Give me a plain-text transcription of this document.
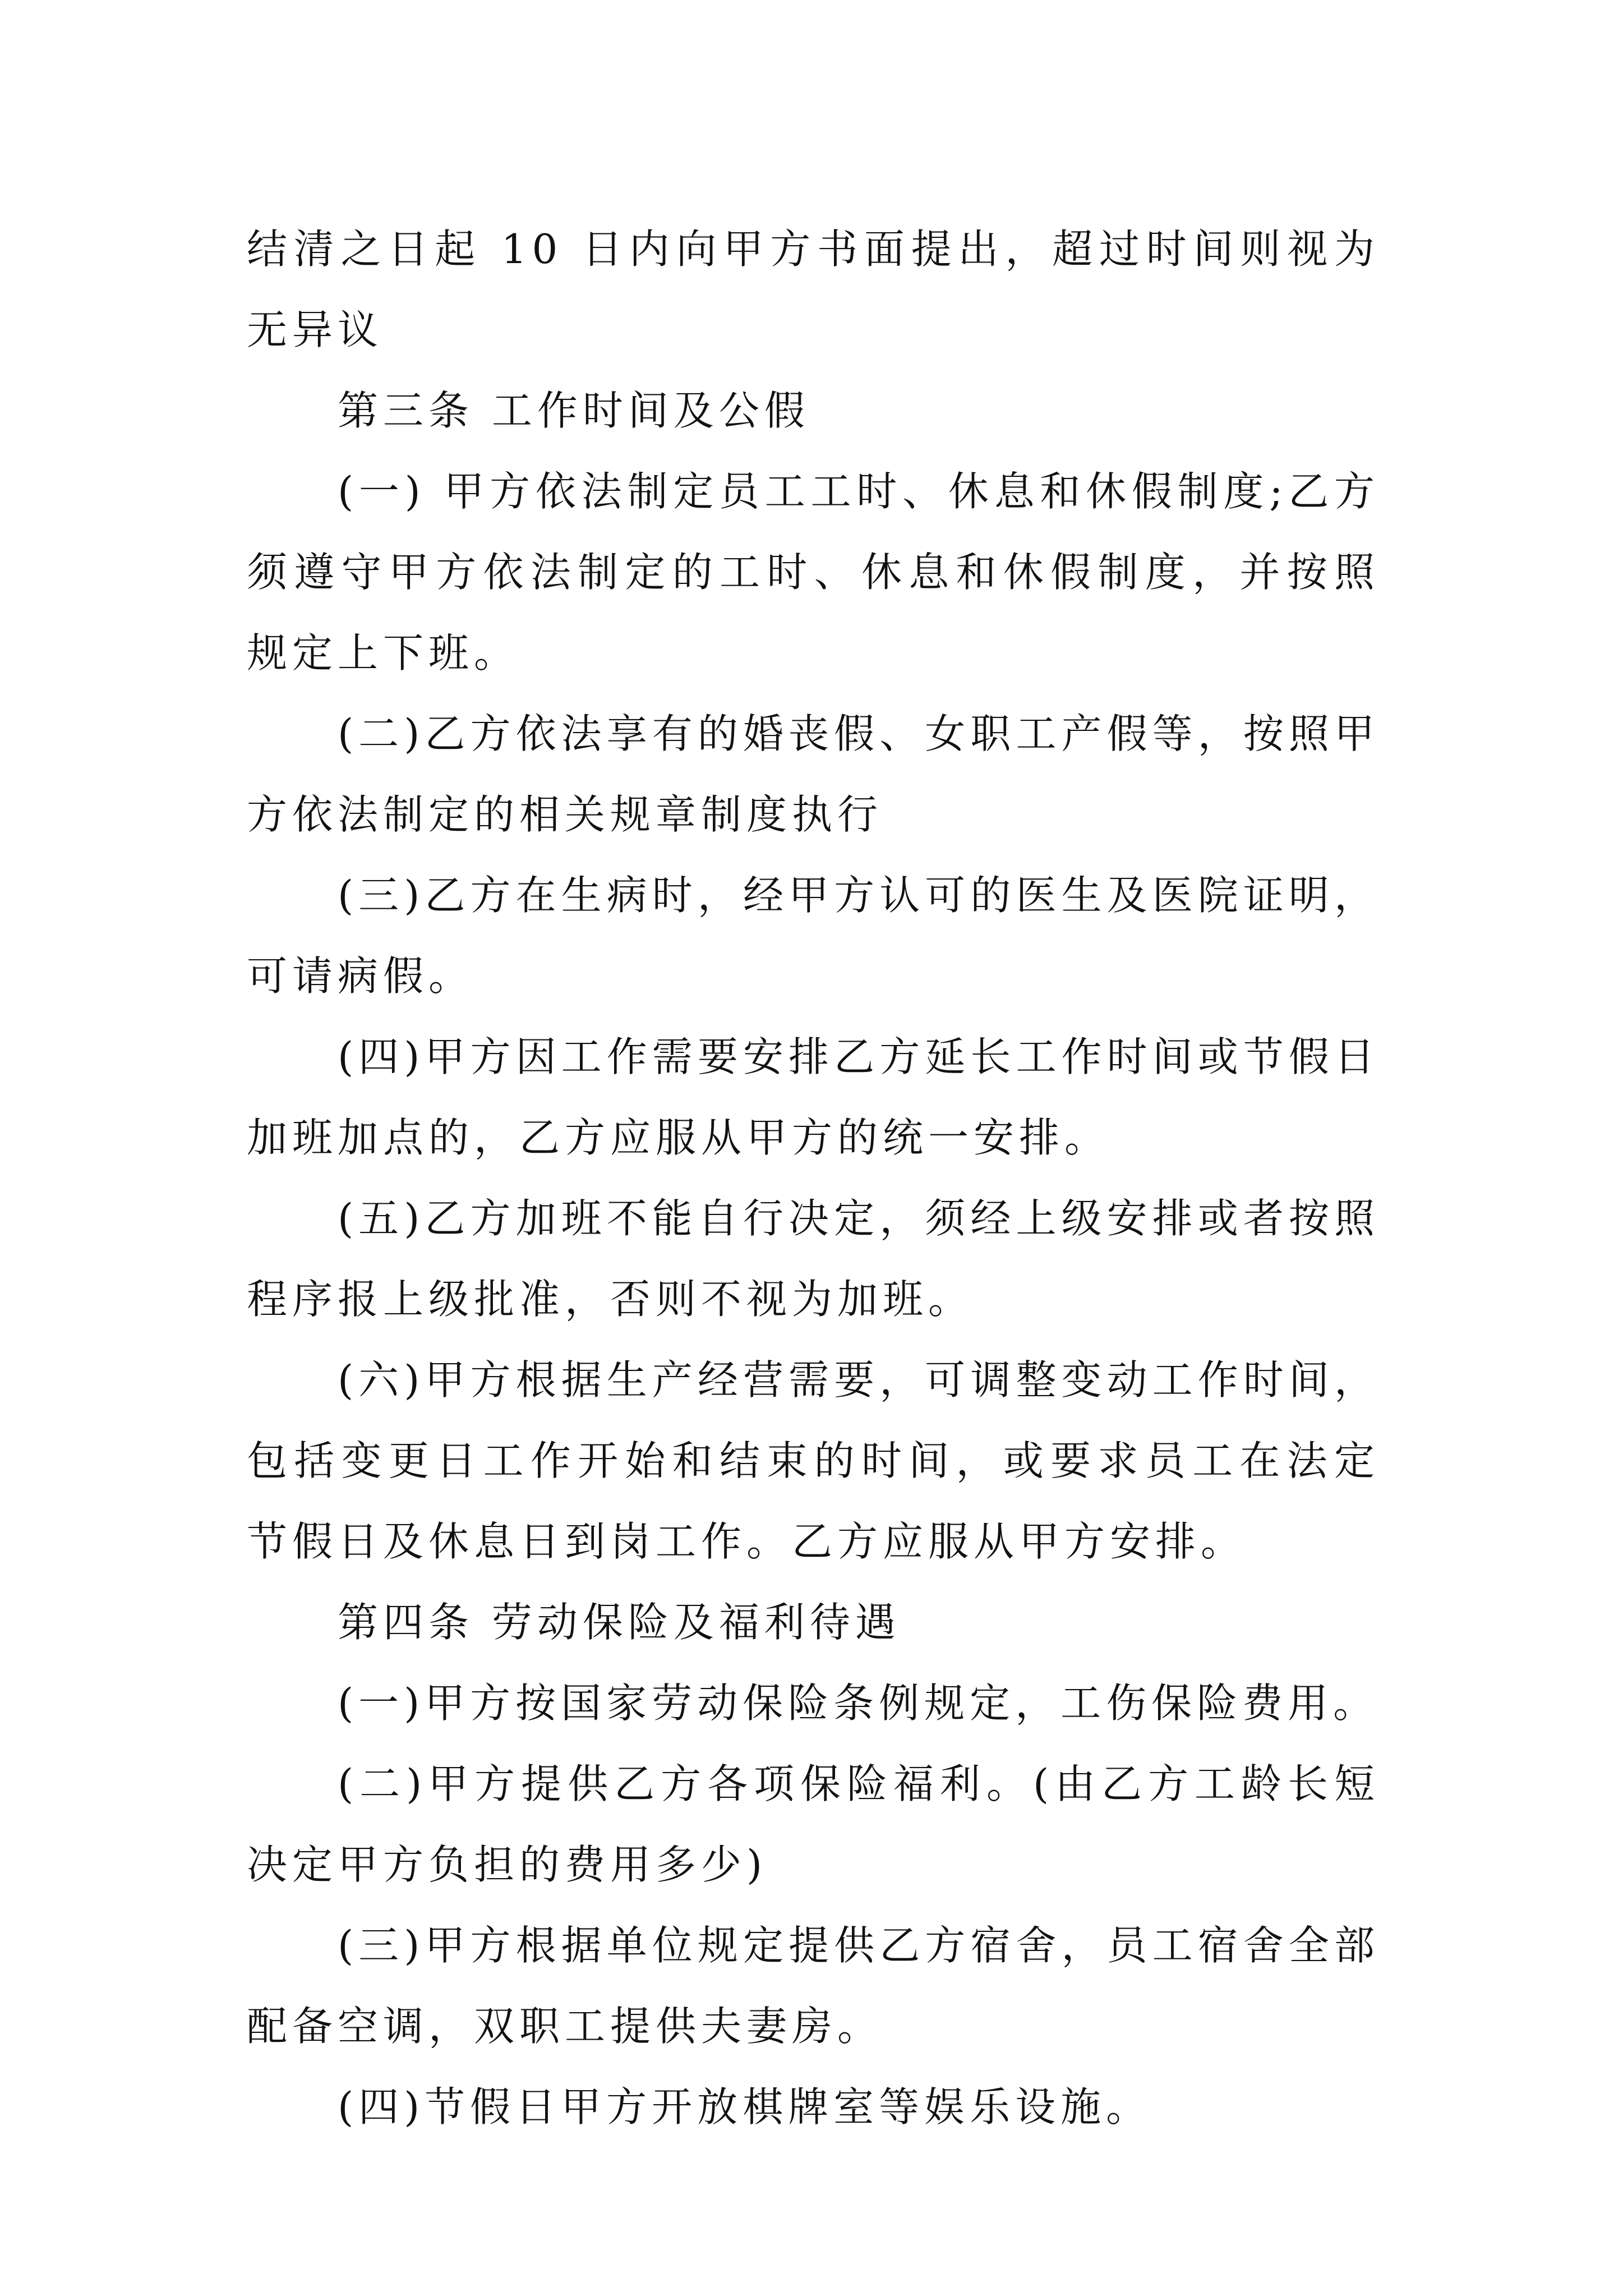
结清之日起 10 日内向甲方书面提出，超过时间则视为无异议

第三条 工作时间及公假

(一) 甲方依法制定员工工时、休息和休假制度;乙方须遵守甲方依法制定的工时、休息和休假制度，并按照规定上下班。

(二)乙方依法享有的婚丧假、女职工产假等，按照甲方依法制定的相关规章制度执行

(三)乙方在生病时，经甲方认可的医生及医院证明，可请病假。

(四)甲方因工作需要安排乙方延长工作时间或节假日加班加点的，乙方应服从甲方的统一安排。

(五)乙方加班不能自行决定，须经上级安排或者按照程序报上级批准，否则不视为加班。

(六)甲方根据生产经营需要，可调整变动工作时间，包括变更日工作开始和结束的时间，或要求员工在法定节假日及休息日到岗工作。乙方应服从甲方安排。

第四条 劳动保险及福利待遇

(一)甲方按国家劳动保险条例规定，工伤保险费用。

(二)甲方提供乙方各项保险福利。(由乙方工龄长短决定甲方负担的费用多少)

(三)甲方根据单位规定提供乙方宿舍，员工宿舍全部配备空调，双职工提供夫妻房。

(四)节假日甲方开放棋牌室等娱乐设施。
